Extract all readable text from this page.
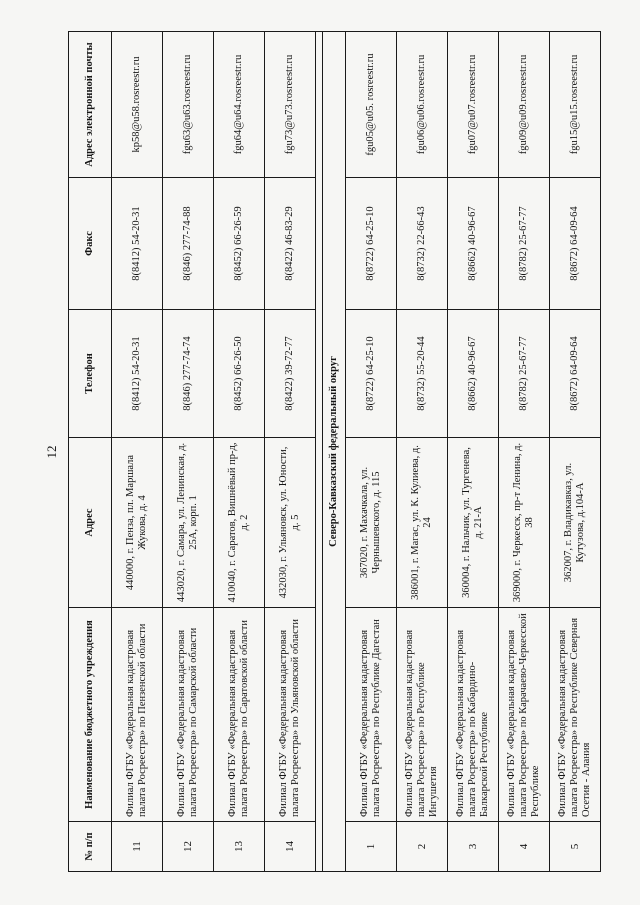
12
№ п/п	Наименование бюджетного учреждения	Адрес	Телефон	Факс	Адрес электронной почты
11	Филиал ФГБУ «Федеральная кадастровая палата Росреестра» по Пензенской области	440000, г. Пенза, пл. Маршала Жукова, д. 4	8(8412) 54-20-31	8(8412) 54-20-31	kp58@u58.rosreestr.ru
12	Филиал ФГБУ «Федеральная кадастровая палата Росреестра» по Самарской области	443020, г. Самара, ул. Ленинская, д. 25А, корп. 1	8(846) 277-74-74	8(846) 277-74-88	fgu63@u63.rosreestr.ru
13	Филиал ФГБУ «Федеральная кадастровая палата Росреестра» по Саратовской области	410040, г. Саратов, Вишнёвый пр-д, д. 2	8(8452) 66-26-50	8(8452) 66-26-59	fgu64@u64.rosreestr.ru
14	Филиал ФГБУ «Федеральная кадастровая палата Росреестра» по Ульяновской области	432030, г. Ульяновск, ул. Юности, д. 5	8(8422) 39-72-77	8(8422) 46-83-29	fgu73@u73.rosreestr.ru

Северо-Кавказский федеральный округ					
1	Филиал ФГБУ «Федеральная кадастровая палата Росреестра» по Республике Дагестан	367020, г. Махачкала, ул. Чернышевского, д. 115	8(8722) 64-25-10	8(8722) 64-25-10	fgu05@u05. rosreestr.ru
2	Филиал ФГБУ «Федеральная кадастровая палата Росреестра» по Республике Ингушетия	386001, г. Магас, ул. К. Кулиева, д. 24	8(8732) 55-20-44	8(8732) 22-66-43	fgu06@u06.rosreestr.ru
3	Филиал ФГБУ «Федеральная кадастровая палата Росреестра» по Кабардино-Балкарской Республике	360004, г. Нальчик, ул. Тургенева, д. 21-А	8(8662) 40-96-67	8(8662) 40-96-67	fgu07@u07.rosreestr.ru
4	Филиал ФГБУ «Федеральная кадастровая палата Росреестра» по Карачаево-Черкесской Республике	369000, г. Черкесск, пр-т Ленина, д. 38	8(8782) 25-67-77	8(8782) 25-67-77	fgu09@u09.rosreestr.ru
5	Филиал ФГБУ «Федеральная кадастровая палата Росреестра» по Республике Северная Осетия - Алания	362007, г. Владикавказ, ул. Кутузова, д.104-А	8(8672) 64-09-64	8(8672) 64-09-64	fgu15@u15.rosreestr.ru
